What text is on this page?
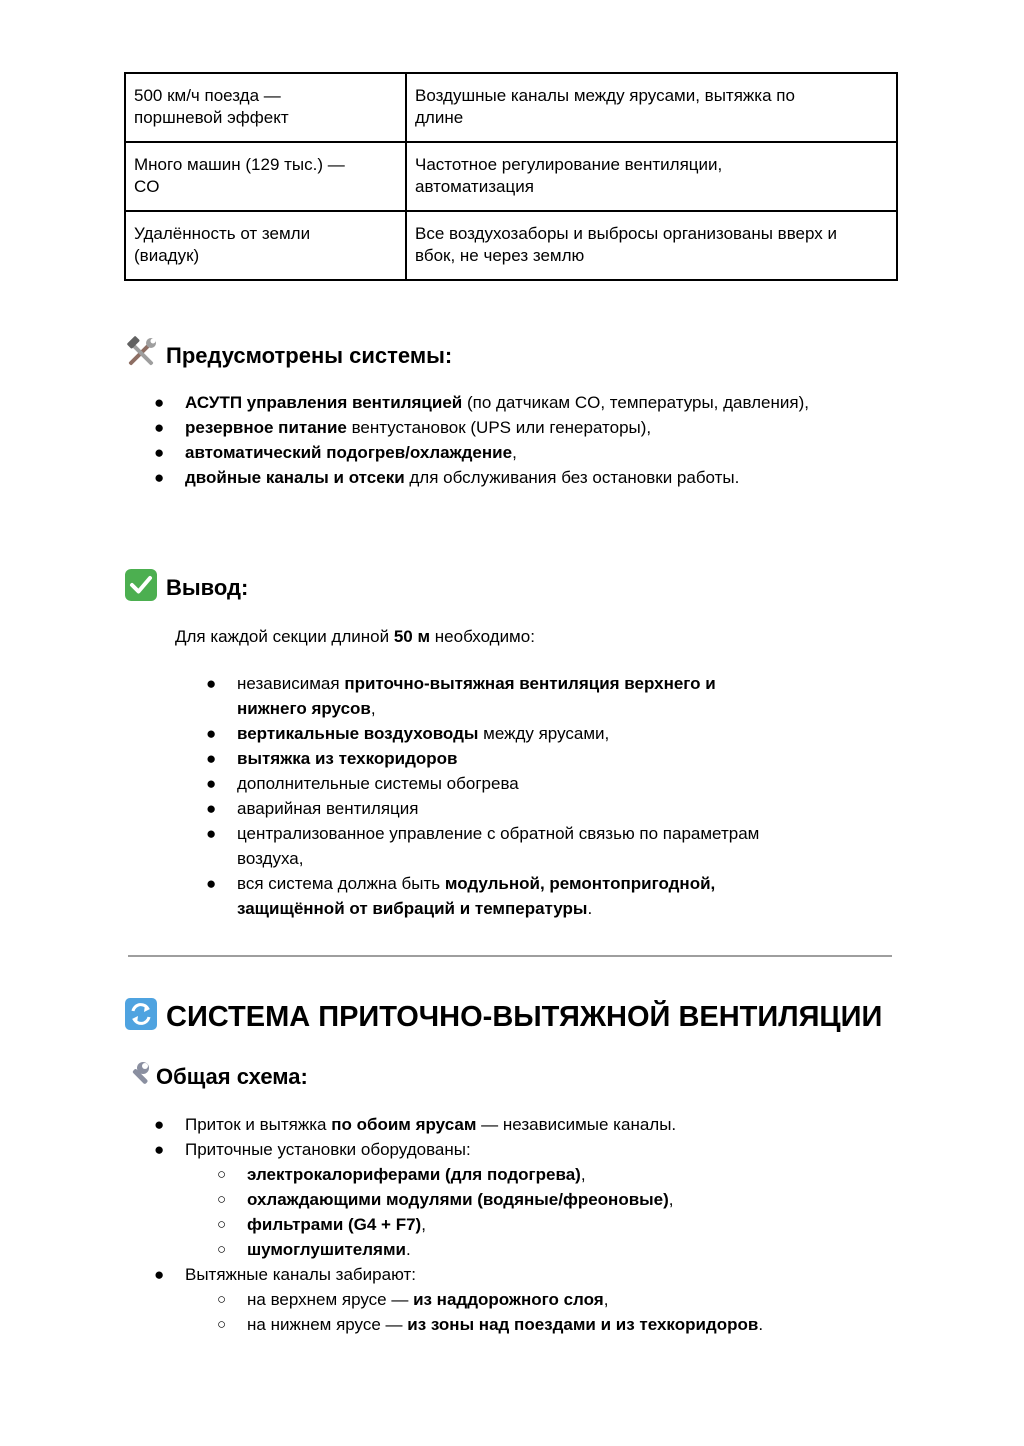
500 км/ч поезда —
поршневой эффект	Воздушные каналы между ярусами, вытяжка по
длине
Много машин (129 тыс.) —
CO	Частотное регулирование вентиляции,
автоматизация
Удалённость от земли
(виадук)	Все воздухозаборы и выбросы организованы вверх и
вбок, не через землю
Предусмотрены системы:
● АСУТП управления вентиляцией (по датчикам CO, температуры, давления),
● резервное питание вентустановок (UPS или генераторы),
● автоматический подогрев/охлаждение,
● двойные каналы и отсеки для обслуживания без остановки работы.
Вывод:
Для каждой секции длиной 50 м необходимо:
● независимая приточно-вытяжная вентиляция верхнего и
нижнего ярусов,
● вертикальные воздуховоды между ярусами,
● вытяжка из техкоридоров
● дополнительные системы обогрева
● аварийная вентиляция
● централизованное управление с обратной связью по параметрам
воздуха,
● вся система должна быть модульной, ремонтопригодной,
защищённой от вибраций и температуры.
СИСТЕМА ПРИТОЧНО-ВЫТЯЖНОЙ ВЕНТИЛЯЦИИ
Общая схема:
● Приток и вытяжка по обоим ярусам — независимые каналы.
● Приточные установки оборудованы:
○ электрокалориферами (для подогрева),
○ охлаждающими модулями (водяные/фреоновые),
○ фильтрами (G4 + F7),
○ шумоглушителями.
● Вытяжные каналы забирают:
○ на верхнем ярусе — из наддорожного слоя,
○ на нижнем ярусе — из зоны над поездами и из техкоридоров.
